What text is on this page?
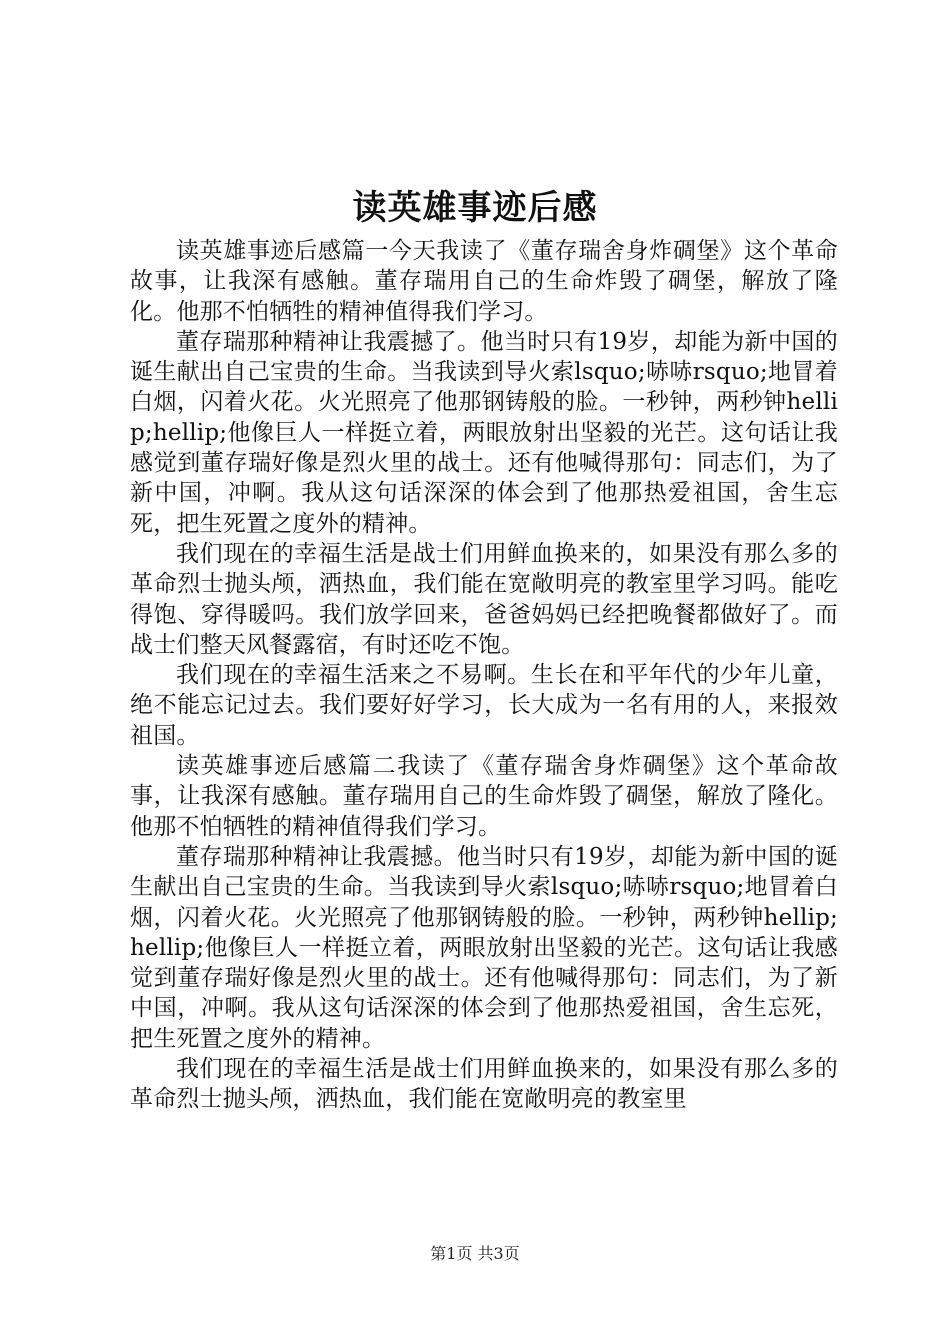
读英雄事迹后感

读英雄事迹后感篇一今天我读了《董存瑞舍身炸碉堡》这个革命故事，让我深有感触。董存瑞用自己的生命炸毁了碉堡，解放了隆化。他那不怕牺牲的精神值得我们学习。

董存瑞那种精神让我震撼了。他当时只有19岁，却能为新中国的诞生献出自己宝贵的生命。当我读到导火索lsquo;哧哧rsquo;地冒着白烟，闪着火花。火光照亮了他那钢铸般的脸。一秒钟，两秒钟hellip;hellip;他像巨人一样挺立着，两眼放射出坚毅的光芒。这句话让我感觉到董存瑞好像是烈火里的战士。还有他喊得那句：同志们，为了新中国，冲啊。我从这句话深深的体会到了他那热爱祖国，舍生忘死，把生死置之度外的精神。

我们现在的幸福生活是战士们用鲜血换来的，如果没有那么多的革命烈士抛头颅，洒热血，我们能在宽敞明亮的教室里学习吗。能吃得饱、穿得暖吗。我们放学回来，爸爸妈妈已经把晚餐都做好了。而战士们整天风餐露宿，有时还吃不饱。

我们现在的幸福生活来之不易啊。生长在和平年代的少年儿童，绝不能忘记过去。我们要好好学习，长大成为一名有用的人，来报效祖国。

读英雄事迹后感篇二我读了《董存瑞舍身炸碉堡》这个革命故事，让我深有感触。董存瑞用自己的生命炸毁了碉堡，解放了隆化。他那不怕牺牲的精神值得我们学习。

董存瑞那种精神让我震撼。他当时只有19岁，却能为新中国的诞生献出自己宝贵的生命。当我读到导火索lsquo;哧哧rsquo;地冒着白烟，闪着火花。火光照亮了他那钢铸般的脸。一秒钟，两秒钟hellip;hellip;他像巨人一样挺立着，两眼放射出坚毅的光芒。这句话让我感觉到董存瑞好像是烈火里的战士。还有他喊得那句：同志们，为了新中国，冲啊。我从这句话深深的体会到了他那热爱祖国，舍生忘死，把生死置之度外的精神。

我们现在的幸福生活是战士们用鲜血换来的，如果没有那么多的革命烈士抛头颅，洒热血，我们能在宽敞明亮的教室里

第1页 共3页
